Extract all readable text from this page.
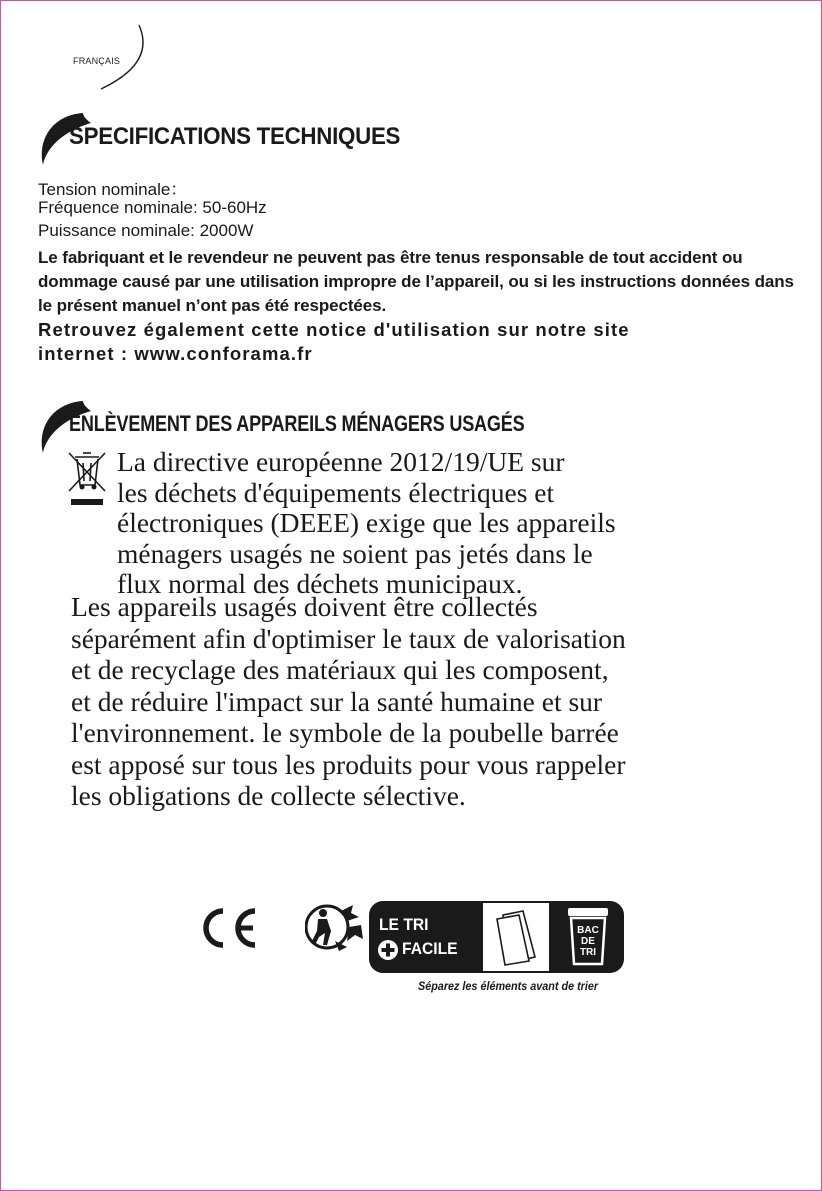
FRANÇAIS
SPECIFICATIONS TECHNIQUES
Tension nominale：
Fréquence nominale: 50-60Hz
Puissance nominale: 2000W
Le fabriquant et le revendeur ne peuvent pas être tenus responsable de tout accident ou dommage causé par une utilisation impropre de l’appareil, ou si les instructions données dans le présent manuel n’ont pas été respectées.
Retrouvez également cette notice d'utilisation sur notre site
internet : www.conforama.fr
ENLÈVEMENT DES APPAREILS MÉNAGERS USAGÉS
La directive européenne 2012/19/UE sur
les déchets d'équipements électriques et
électroniques (DEEE) exige que les appareils
ménagers usagés ne soient pas jetés dans le
flux normal des déchets municipaux.
Les appareils usagés doivent être collectés
séparément afin d'optimiser le taux de valorisation
et de recyclage des matériaux qui les composent,
et de réduire l'impact sur la santé humaine et sur
l'environnement. le symbole de la poubelle barrée
est apposé sur tous les produits pour vous rappeler
les obligations de collecte sélective.
LE TRI
FACILE
BAC
DE
TRI
Séparez les éléments avant de trier
